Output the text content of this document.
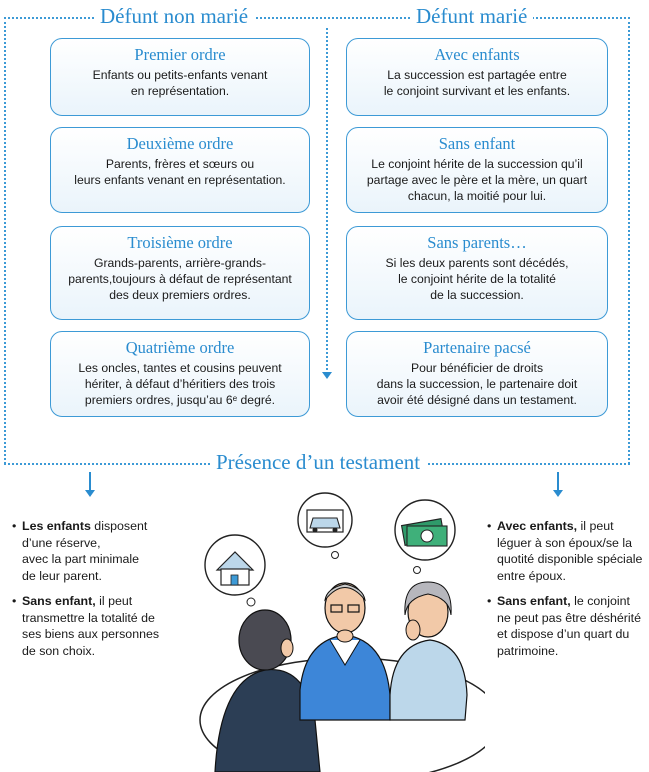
Défunt non marié	Défunt marié
Présence d’un testament
Premier ordre
Enfants ou petits-enfants venant
en représentation.
Deuxième ordre
Parents, frères et sœurs ou
leurs enfants venant en représentation.
Troisième ordre
Grands-parents, arrière-grands-
parents,toujours à défaut de représentant
des deux premiers ordres.
Quatrième ordre
Les oncles, tantes et cousins peuvent
hériter, à défaut d’héritiers des trois
premiers ordres, jusqu’au 6ᵉ degré.
Avec enfants
La succession est partagée entre
le conjoint survivant et les enfants.
Sans enfant
Le conjoint hérite de la succession qu’il
partage avec le père et la mère, un quart
chacun, la moitié pour lui.
Sans parents…
Si les deux parents sont décédés,
le conjoint hérite de la totalité
de la succession.
Partenaire pacsé
Pour bénéficier de droits
dans la succession, le partenaire doit
avoir été désigné dans un testament.
• Les enfants disposent
d’une réserve,
avec la part minimale
de leur parent.
• Sans enfant, il peut
transmettre la totalité de
ses biens aux personnes
de son choix.
• Avec enfants, il peut
léguer à son époux/se la
quotité disponible spéciale
entre époux.
• Sans enfant, le conjoint
ne peut pas être déshérité
et dispose d’un quart du
patrimoine.
